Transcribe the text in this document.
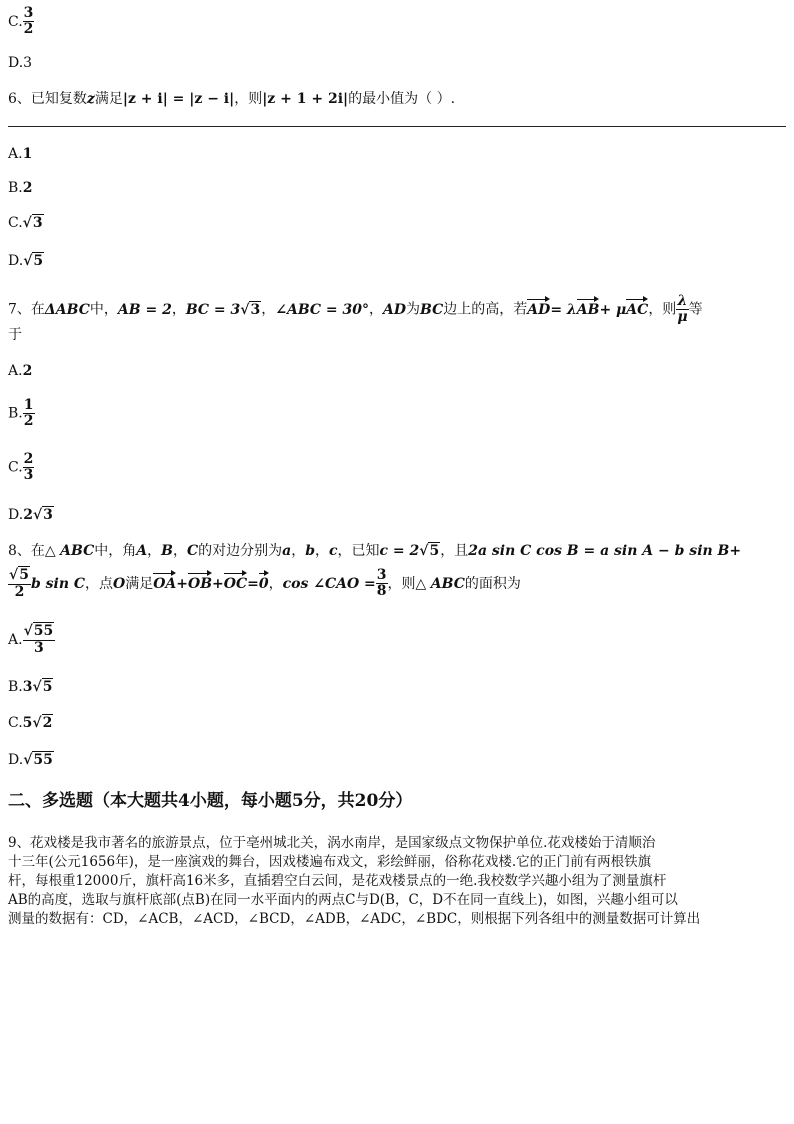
C. $\frac{3}{2}$
D.3
6、已知复数z满足|z + i| = |z − i|，则|z + 1 + 2i|的最小值为（ ）.
A.1
B.2
C.√3
D.√5
7、在ΔABC中，AB = 2，BC = 3√3，∠ABC = 30°，AD为BC边上的高，若AD= λAB+ μAC，则 $\frac{\lambda}{\mu}$ 等
于
A.2
B. $\frac{1}{2}$
C. $\frac{2}{3}$
D.2√3
8、在△ ABC中，角A，B，C的对边分别为a，b，c，已知c = 2√5，且2a sin C cos B = a sin A − b sin B+
$\frac{√5}{2}$ b sin C，点O满足OA+OB+OC=0，cos ∠CAO = $\frac{3}{8}$ ，则△ ABC的面积为
A. $\frac{√55}{3}$
B.3√5
C.5√2
D.√55
二、多选题（本大题共4小题，每小题5分，共20分）
9、花戏楼是我市著名的旅游景点，位于亳州城北关，涡水南岸，是国家级点文物保护单位.花戏楼始于清顺治
十三年(公元1656年)，是一座演戏的舞台，因戏楼遍布戏文，彩绘鲜丽，俗称花戏楼.它的正门前有两根铁旗
杆，每根重12000斤，旗杆高16米多，直插碧空白云间，是花戏楼景点的一绝.我校数学兴趣小组为了测量旗杆
AB的高度，选取与旗杆底部(点B)在同一水平面内的两点C与D(B，C，D不在同一直线上)，如图，兴趣小组可以
测量的数据有：CD，∠ACB，∠ACD，∠BCD，∠ADB，∠ADC，∠BDC，则根据下列各组中的测量数据可计算出
